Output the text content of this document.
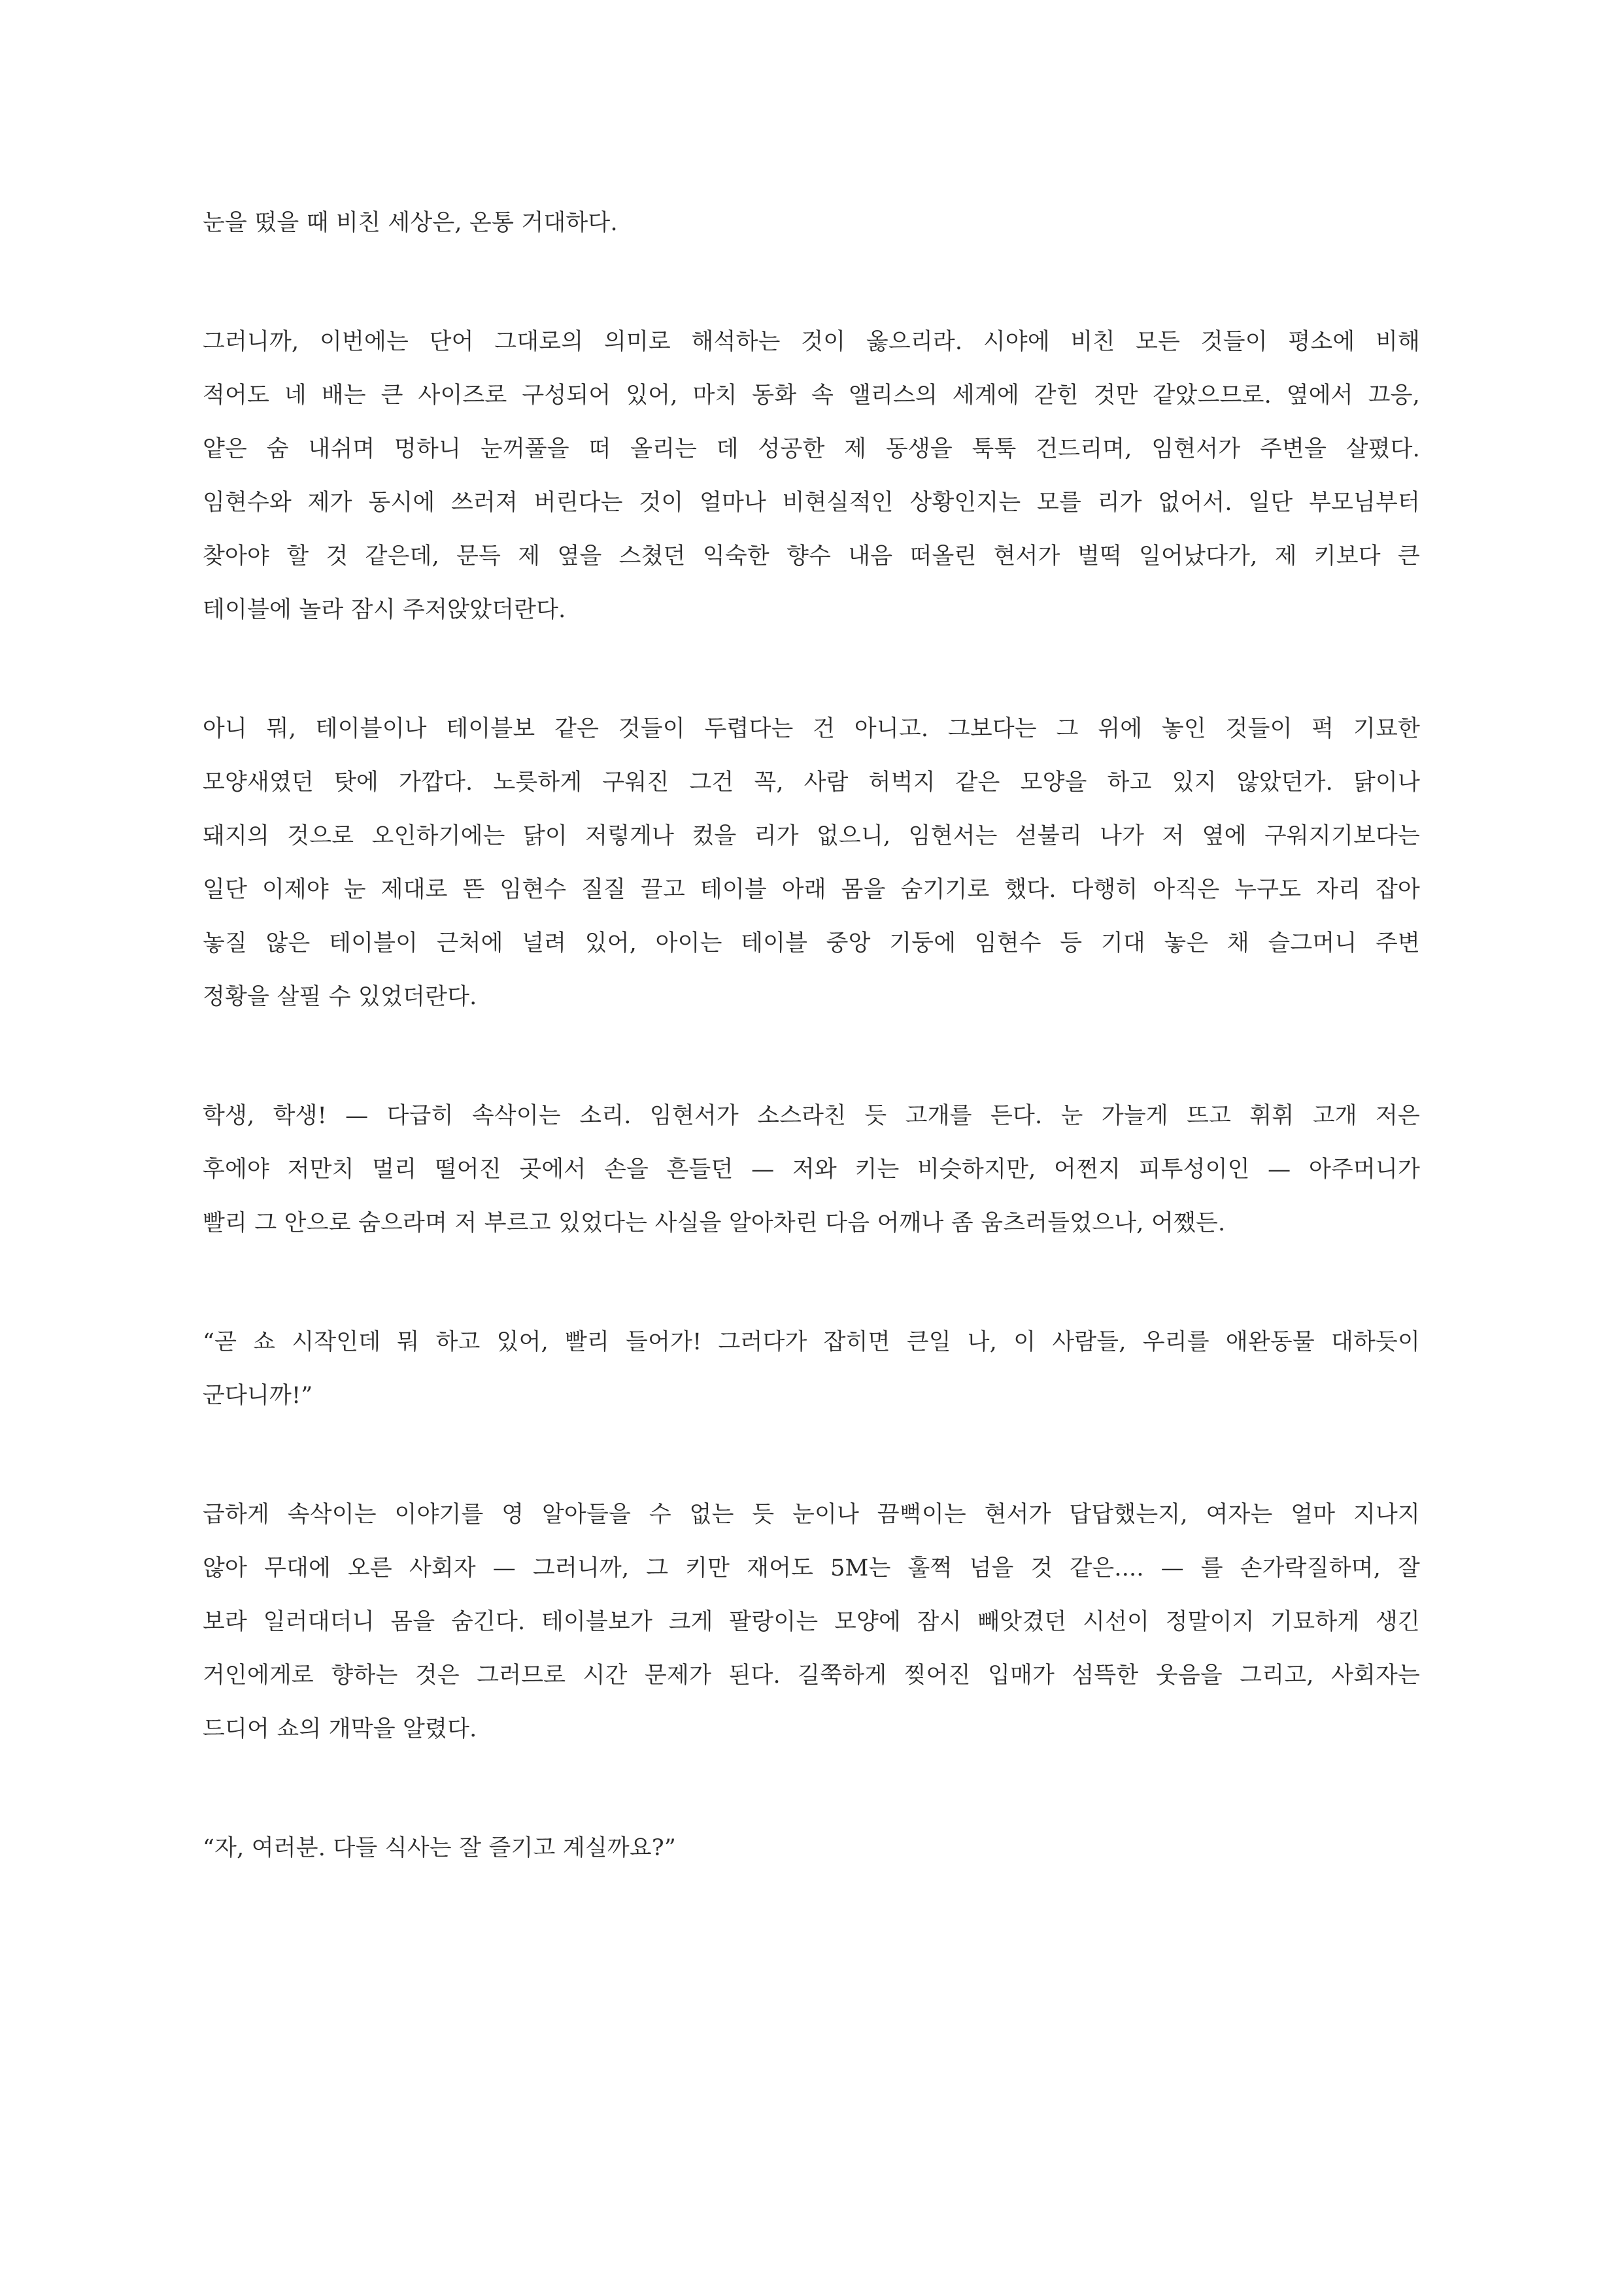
눈을 떴을 때 비친 세상은, 온통 거대하다.

그러니까, 이번에는 단어 그대로의 의미로 해석하는 것이 옳으리라. 시야에 비친 모든 것들이 평소에 비해
적어도 네 배는 큰 사이즈로 구성되어 있어, 마치 동화 속 앨리스의 세계에 갇힌 것만 같았으므로. 옆에서 끄응,
얕은 숨 내쉬며 멍하니 눈꺼풀을 떠 올리는 데 성공한 제 동생을 툭툭 건드리며, 임현서가 주변을 살폈다.
임현수와 제가 동시에 쓰러져 버린다는 것이 얼마나 비현실적인 상황인지는 모를 리가 없어서. 일단 부모님부터
찾아야 할 것 같은데, 문득 제 옆을 스쳤던 익숙한 향수 내음 떠올린 현서가 벌떡 일어났다가, 제 키보다 큰
테이블에 놀라 잠시 주저앉았더란다.

아니 뭐, 테이블이나 테이블보 같은 것들이 두렵다는 건 아니고. 그보다는 그 위에 놓인 것들이 퍽 기묘한
모양새였던 탓에 가깝다. 노릇하게 구워진 그건 꼭, 사람 허벅지 같은 모양을 하고 있지 않았던가. 닭이나
돼지의 것으로 오인하기에는 닭이 저렇게나 컸을 리가 없으니, 임현서는 섣불리 나가 저 옆에 구워지기보다는
일단 이제야 눈 제대로 뜬 임현수 질질 끌고 테이블 아래 몸을 숨기기로 했다. 다행히 아직은 누구도 자리 잡아
놓질 않은 테이블이 근처에 널려 있어, 아이는 테이블 중앙 기둥에 임현수 등 기대 놓은 채 슬그머니 주변
정황을 살필 수 있었더란다.

학생, 학생! — 다급히 속삭이는 소리. 임현서가 소스라친 듯 고개를 든다. 눈 가늘게 뜨고 휘휘 고개 저은
후에야 저만치 멀리 떨어진 곳에서 손을 흔들던 — 저와 키는 비슷하지만, 어쩐지 피투성이인 — 아주머니가
빨리 그 안으로 숨으라며 저 부르고 있었다는 사실을 알아차린 다음 어깨나 좀 움츠러들었으나, 어쨌든.

“곧 쇼 시작인데 뭐 하고 있어, 빨리 들어가! 그러다가 잡히면 큰일 나, 이 사람들, 우리를 애완동물 대하듯이
군다니까!”

급하게 속삭이는 이야기를 영 알아들을 수 없는 듯 눈이나 끔뻑이는 현서가 답답했는지, 여자는 얼마 지나지
않아 무대에 오른 사회자 — 그러니까, 그 키만 재어도 5M는 훌쩍 넘을 것 같은.... — 를 손가락질하며, 잘
보라 일러대더니 몸을 숨긴다. 테이블보가 크게 팔랑이는 모양에 잠시 빼앗겼던 시선이 정말이지 기묘하게 생긴
거인에게로 향하는 것은 그러므로 시간 문제가 된다. 길쭉하게 찢어진 입매가 섬뜩한 웃음을 그리고, 사회자는
드디어 쇼의 개막을 알렸다.

“자, 여러분. 다들 식사는 잘 즐기고 계실까요?”
